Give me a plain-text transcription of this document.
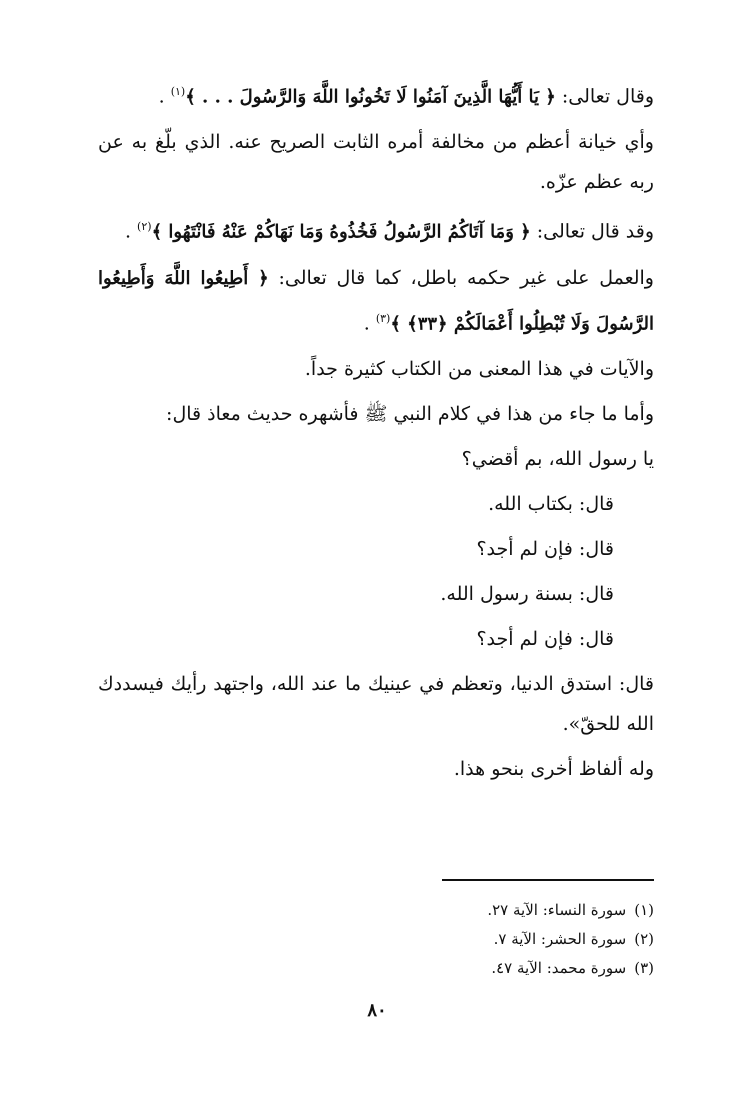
وقال تعالى: ﴿ يَا أَيُّهَا الَّذِينَ آمَنُوا لَا تَخُونُوا اللَّهَ وَالرَّسُولَ . . . ﴾$^{(١)}$ .

وأي خيانة أعظم من مخالفة أمره الثابت الصريح عنه. الذي بلّغ به عن ربه عظم عزّه.

وقد قال تعالى: ﴿ وَمَا آتَاكُمُ الرَّسُولُ فَخُذُوهُ وَمَا نَهَاكُمْ عَنْهُ فَانْتَهُوا ﴾$^{(٢)}$ .

والعمل على غير حكمه باطل، كما قال تعالى: ﴿ أَطِيعُوا اللَّهَ وَأَطِيعُوا الرَّسُولَ وَلَا تُبْطِلُوا أَعْمَالَكُمْ ﴿٣٣﴾ ﴾$^{(٣)}$ .

والآيات في هذا المعنى من الكتاب كثيرة جداً.

وأما ما جاء من هذا في كلام النبي ﷺ فأشهره حديث معاذ قال:

يا رسول الله، بم أقضي؟

قال: بكتاب الله.

قال: فإن لم أجد؟

قال: بسنة رسول الله.

قال: فإن لم أجد؟

قال: استدق الدنيا، وتعظم في عينيك ما عند الله، واجتهد رأيك فيسددك الله للحقّ».

وله ألفاظ أخرى بنحو هذا.

(١)سورة النساء: الآية ٢٧.

(٢)سورة الحشر: الآية ٧.

(٣)سورة محمد: الآية ٤٧.

٨٠
